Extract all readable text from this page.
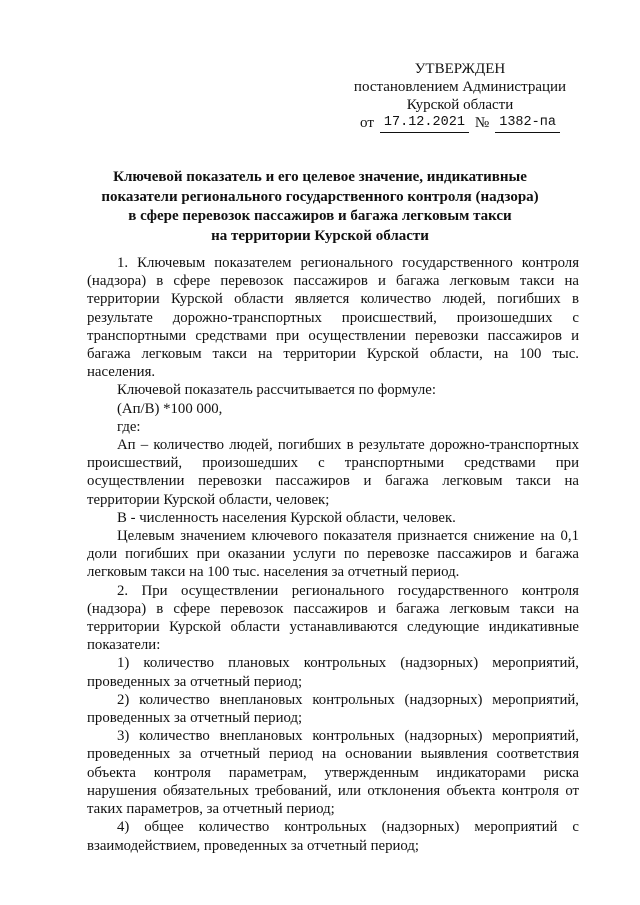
УТВЕРЖДЕН
постановлением Администрации
Курской области
от 17.12.2021 № 1382-па
Ключевой показатель и его целевое значение, индикативные
показатели регионального государственного контроля (надзора)
в сфере перевозок пассажиров и багажа легковым такси
на территории Курской области

1. Ключевым показателем регионального государственного контроля (надзора) в сфере перевозок пассажиров и багажа легковым такси на территории Курской области является количество людей, погибших в результате дорожно-транспортных происшествий, произошедших с транспортными средствами при осуществлении перевозки пассажиров и багажа легковым такси на территории Курской области, на 100 тыс. населения.

Ключевой показатель рассчитывается по формуле:

(Ап/В) *100 000,

где:

Ап – количество людей, погибших в результате дорожно-транспортных происшествий, произошедших с транспортными средствами при осуществлении перевозки пассажиров и багажа легковым такси на территории Курской области, человек;

В - численность населения Курской области, человек.

Целевым значением ключевого показателя признается снижение на 0,1 доли погибших при оказании услуги по перевозке пассажиров и багажа легковым такси на 100 тыс. населения за отчетный период.

2. При осуществлении регионального государственного контроля (надзора) в сфере перевозок пассажиров и багажа легковым такси на территории Курской области устанавливаются следующие индикативные показатели:

1) количество плановых контрольных (надзорных) мероприятий, проведенных за отчетный период;

2) количество внеплановых контрольных (надзорных) мероприятий, проведенных за отчетный период;

3) количество внеплановых контрольных (надзорных) мероприятий, проведенных за отчетный период на основании выявления соответствия объекта контроля параметрам, утвержденным индикаторами риска нарушения обязательных требований, или отклонения объекта контроля от таких параметров, за отчетный период;

4) общее количество контрольных (надзорных) мероприятий с взаимодействием, проведенных за отчетный период;
